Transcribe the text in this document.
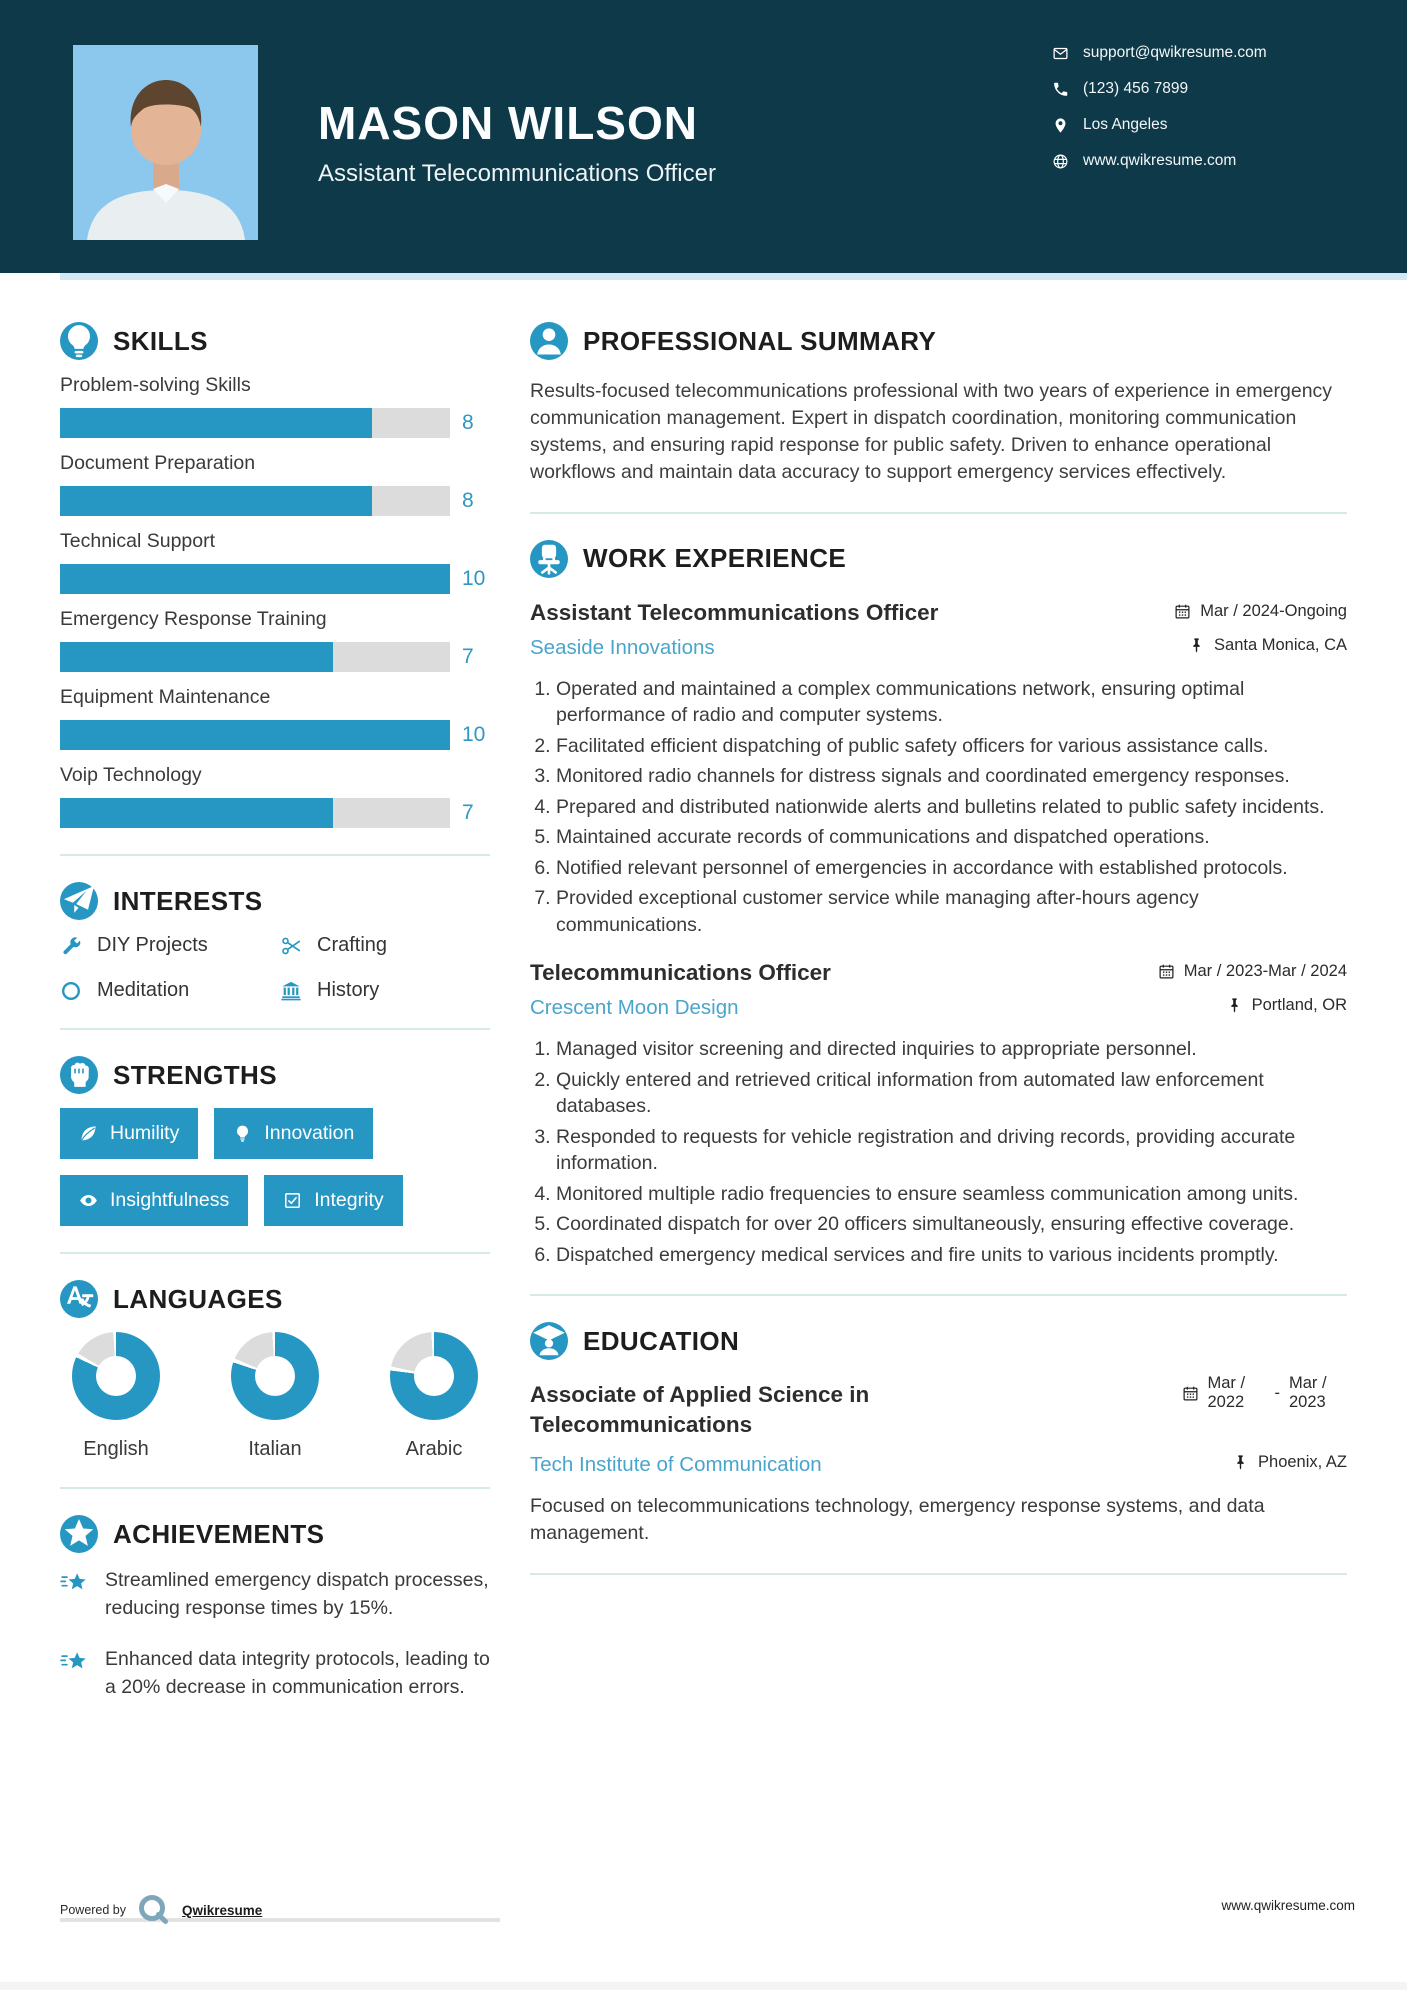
MASON WILSON
Assistant Telecommunications Officer
support@qwikresume.com
(123) 456 7899
Los Angeles
www.qwikresume.com
SKILLS
Problem-solving Skills
8
Document Preparation
8
Technical Support
10
Emergency Response Training
7
Equipment Maintenance
10
Voip Technology
7
INTERESTS
DIY Projects	Crafting
Meditation	History
STRENGTHS
Humility	Innovation
Insightfulness	Integrity
LANGUAGES
English	Italian	Arabic
ACHIEVEMENTS
Streamlined emergency dispatch processes, reducing response times by 15%.
Enhanced data integrity protocols, leading to a 20% decrease in communication errors.
PROFESSIONAL SUMMARY

Results-focused telecommunications professional with two years of experience in emergency communication management. Expert in dispatch coordination, monitoring communication systems, and ensuring rapid response for public safety. Driven to enhance operational workflows and maintain data accuracy to support emergency services effectively.

WORK EXPERIENCE
Assistant Telecommunications Officer	Mar / 2024-Ongoing
Seaside Innovations	Santa Monica, CA
1. Operated and maintained a complex communications network, ensuring optimal performance of radio and computer systems.
2. Facilitated efficient dispatching of public safety officers for various assistance calls.
3. Monitored radio channels for distress signals and coordinated emergency responses.
4. Prepared and distributed nationwide alerts and bulletins related to public safety incidents.
5. Maintained accurate records of communications and dispatched operations.
6. Notified relevant personnel of emergencies in accordance with established protocols.
7. Provided exceptional customer service while managing after-hours agency communications.
Telecommunications Officer	Mar / 2023-Mar / 2024
Crescent Moon Design	Portland, OR
1. Managed visitor screening and directed inquiries to appropriate personnel.
2. Quickly entered and retrieved critical information from automated law enforcement databases.
3. Responded to requests for vehicle registration and driving records, providing accurate information.
4. Monitored multiple radio frequencies to ensure seamless communication among units.
5. Coordinated dispatch for over 20 officers simultaneously, ensuring effective coverage.
6. Dispatched emergency medical services and fire units to various incidents promptly.
EDUCATION
Associate of Applied Science in Telecommunications
Mar / 2022
-
Mar / 2023
Tech Institute of Communication	Phoenix, AZ

Focused on telecommunications technology, emergency response systems, and data management.

Powered by	Qwikresume	www.qwikresume.com
